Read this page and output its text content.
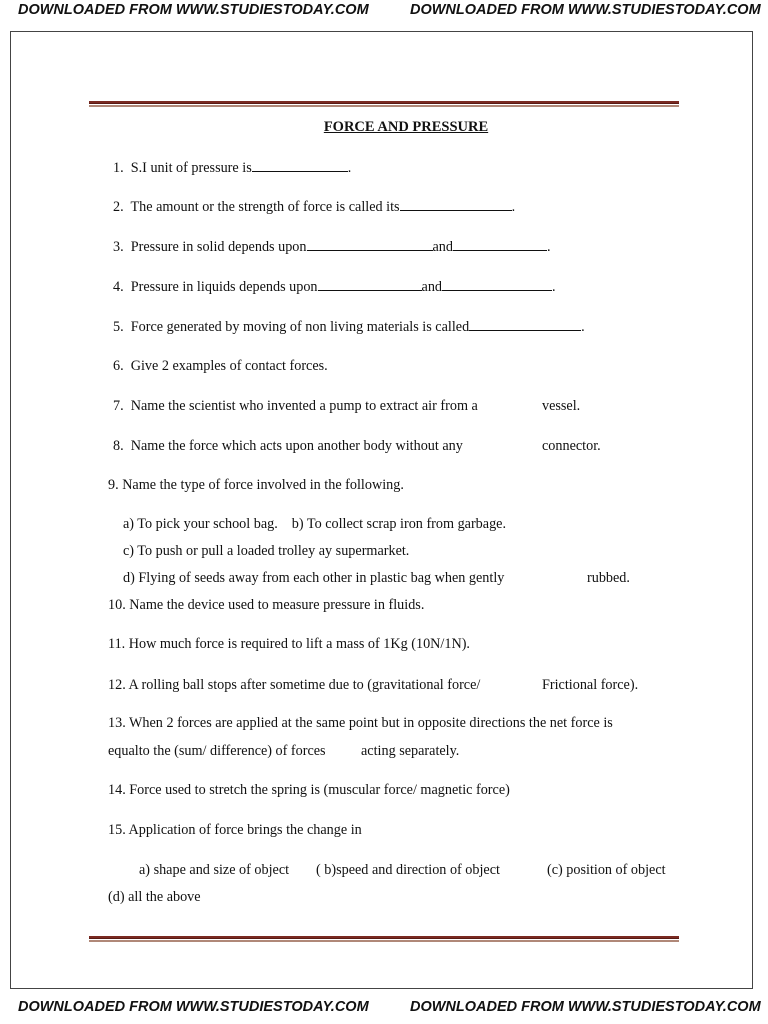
DOWNLOADED FROM WWW.STUDIESTODAY.COM	DOWNLOADED FROM WWW.STUDIESTODAY.COM
FORCE AND PRESSURE
1. S.I unit of pressure is	.
2. The amount or the strength of force is called its	.
3. Pressure in solid depends upon	and	.
4. Pressure in liquids depends upon	and	.
5. Force generated by moving of non living materials is called	.
6. Give 2 examples of contact forces.
7. Name the scientist who invented a pump to extract air from a	vessel.
8. Name the force which acts upon another body without any	connector.
9. Name the type of force involved in the following.
a) To pick your school bag. b) To collect scrap iron from garbage.
c) To push or pull a loaded trolley ay supermarket.
d) Flying of seeds away from each other in plastic bag when gently	rubbed.
10. Name the device used to measure pressure in fluids.
11. How much force is required to lift a mass of 1Kg (10N/1N).
12. A rolling ball stops after sometime due to (gravitational force/	Frictional force).
13. When 2 forces are applied at the same point but in opposite directions the net force is
equalto the (sum/ difference) of forces acting separately.
14. Force used to stretch the spring is (muscular force/ magnetic force)
15. Application of force brings the change in
a) shape and size of object ( b)speed and direction of object	(c) position of object
(d) all the above
DOWNLOADED FROM WWW.STUDIESTODAY.COM	DOWNLOADED FROM WWW.STUDIESTODAY.COM
